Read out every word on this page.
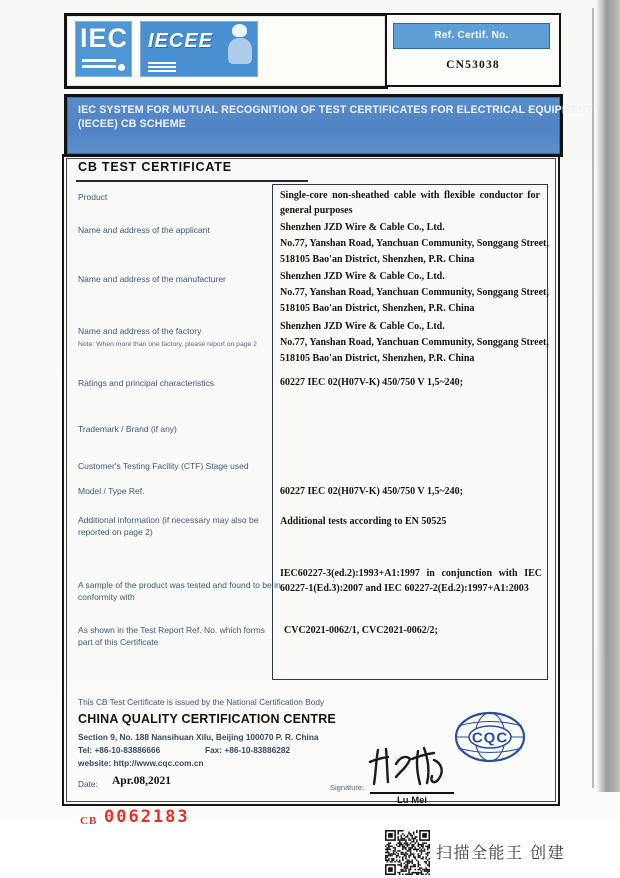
IEC IECEE	Ref. Certif. No.
CN53038
IEC SYSTEM FOR MUTUAL RECOGNITION OF TEST CERTIFICATES FOR ELECTRICAL EQUIPMENT
(IECEE) CB SCHEME
CB TEST CERTIFICATE
Product
Name and address of the applicant
Name and address of the manufacturer
Name and address of the factory
Note: When more than one factory, please report on page 2
Ratings and principal characteristics
Trademark / Brand (if any)
Customer's Testing Facility (CTF) Stage used
Model / Type Ref.
Additional information (if necessary may also be reported on page 2)
A sample of the product was tested and found to be in conformity with
As shown in the Test Report Ref. No. which forms part of this Certificate
Single-core non-sheathed cable with flexible conductor for general purposes
Shenzhen JZD Wire & Cable Co., Ltd.
No.77, Yanshan Road, Yanchuan Community, Songgang Street,
518105 Bao'an District, Shenzhen, P.R. China
Shenzhen JZD Wire & Cable Co., Ltd.
No.77, Yanshan Road, Yanchuan Community, Songgang Street,
518105 Bao'an District, Shenzhen, P.R. China
Shenzhen JZD Wire & Cable Co., Ltd.
No.77, Yanshan Road, Yanchuan Community, Songgang Street,
518105 Bao'an District, Shenzhen, P.R. China
60227 IEC 02(H07V-K) 450/750 V 1,5~240;
60227 IEC 02(H07V-K) 450/750 V 1,5~240;
Additional tests according to EN 50525
IEC60227-3(ed.2):1993+A1:1997 in conjunction with IEC 60227-1(Ed.3):2007 and IEC 60227-2(Ed.2):1997+A1:2003
CVC2021-0062/1, CVC2021-0062/2;
This CB Test Certificate is issued by the National Certification Body
CHINA QUALITY CERTIFICATION CENTRE
Section 9, No. 188 Nansihuan Xilu, Beijing 100070 P. R. China
Tel: +86-10-83886666	Fax: +86-10-83886282
website: http://www.cqc.com.cn
Date: Apr.08,2021
Signature:
Lu Mei
CQC
CB 0062183
扫描全能王 创建
